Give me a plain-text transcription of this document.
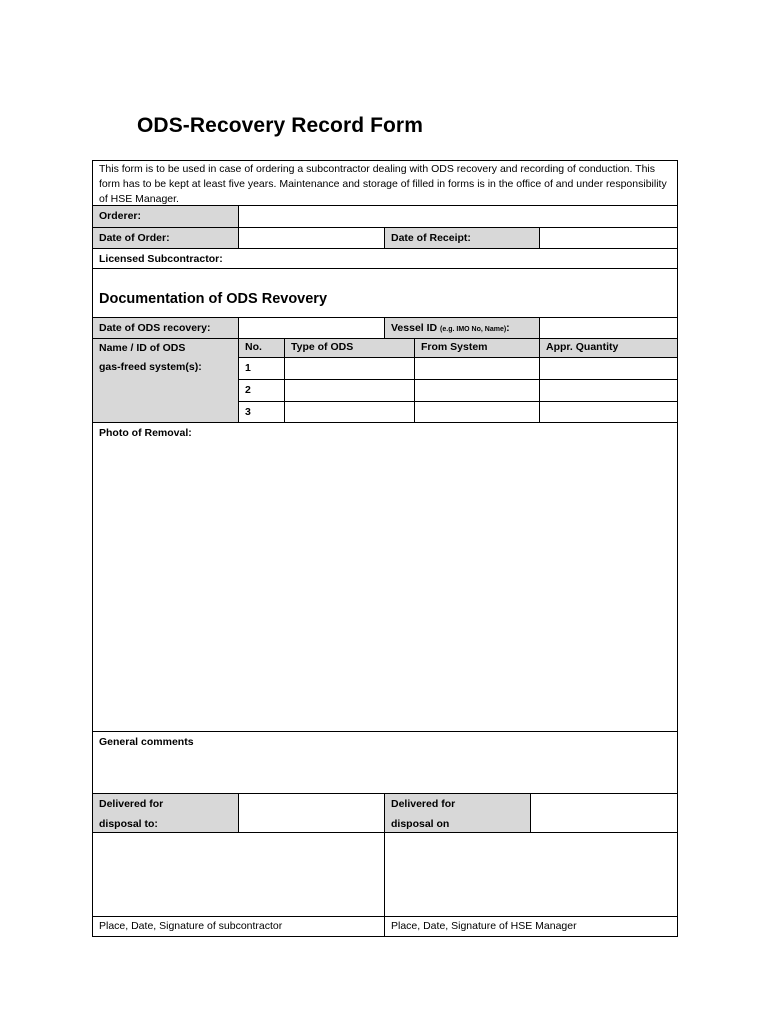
ODS-Recovery Record Form
This form is to be used in case of ordering a subcontractor dealing with ODS recovery and recording of conduction. This form has to be kept at least five years. Maintenance and storage of filled in forms is in the office of and under responsibility of HSE Manager.
Orderer:
Date of Order:	Date of Receipt:
Licensed Subcontractor:
Documentation of ODS Revovery
Date of ODS recovery:	Vessel ID (e.g. IMO No, Name):
Name / ID of ODS
gas-freed system(s):
No.	Type of ODS	From System	Appr. Quantity
1
2
3
Photo of Removal:
General comments
Delivered for
disposal to:
Delivered for
disposal on
Place, Date, Signature of subcontractor	Place, Date, Signature of HSE Manager
